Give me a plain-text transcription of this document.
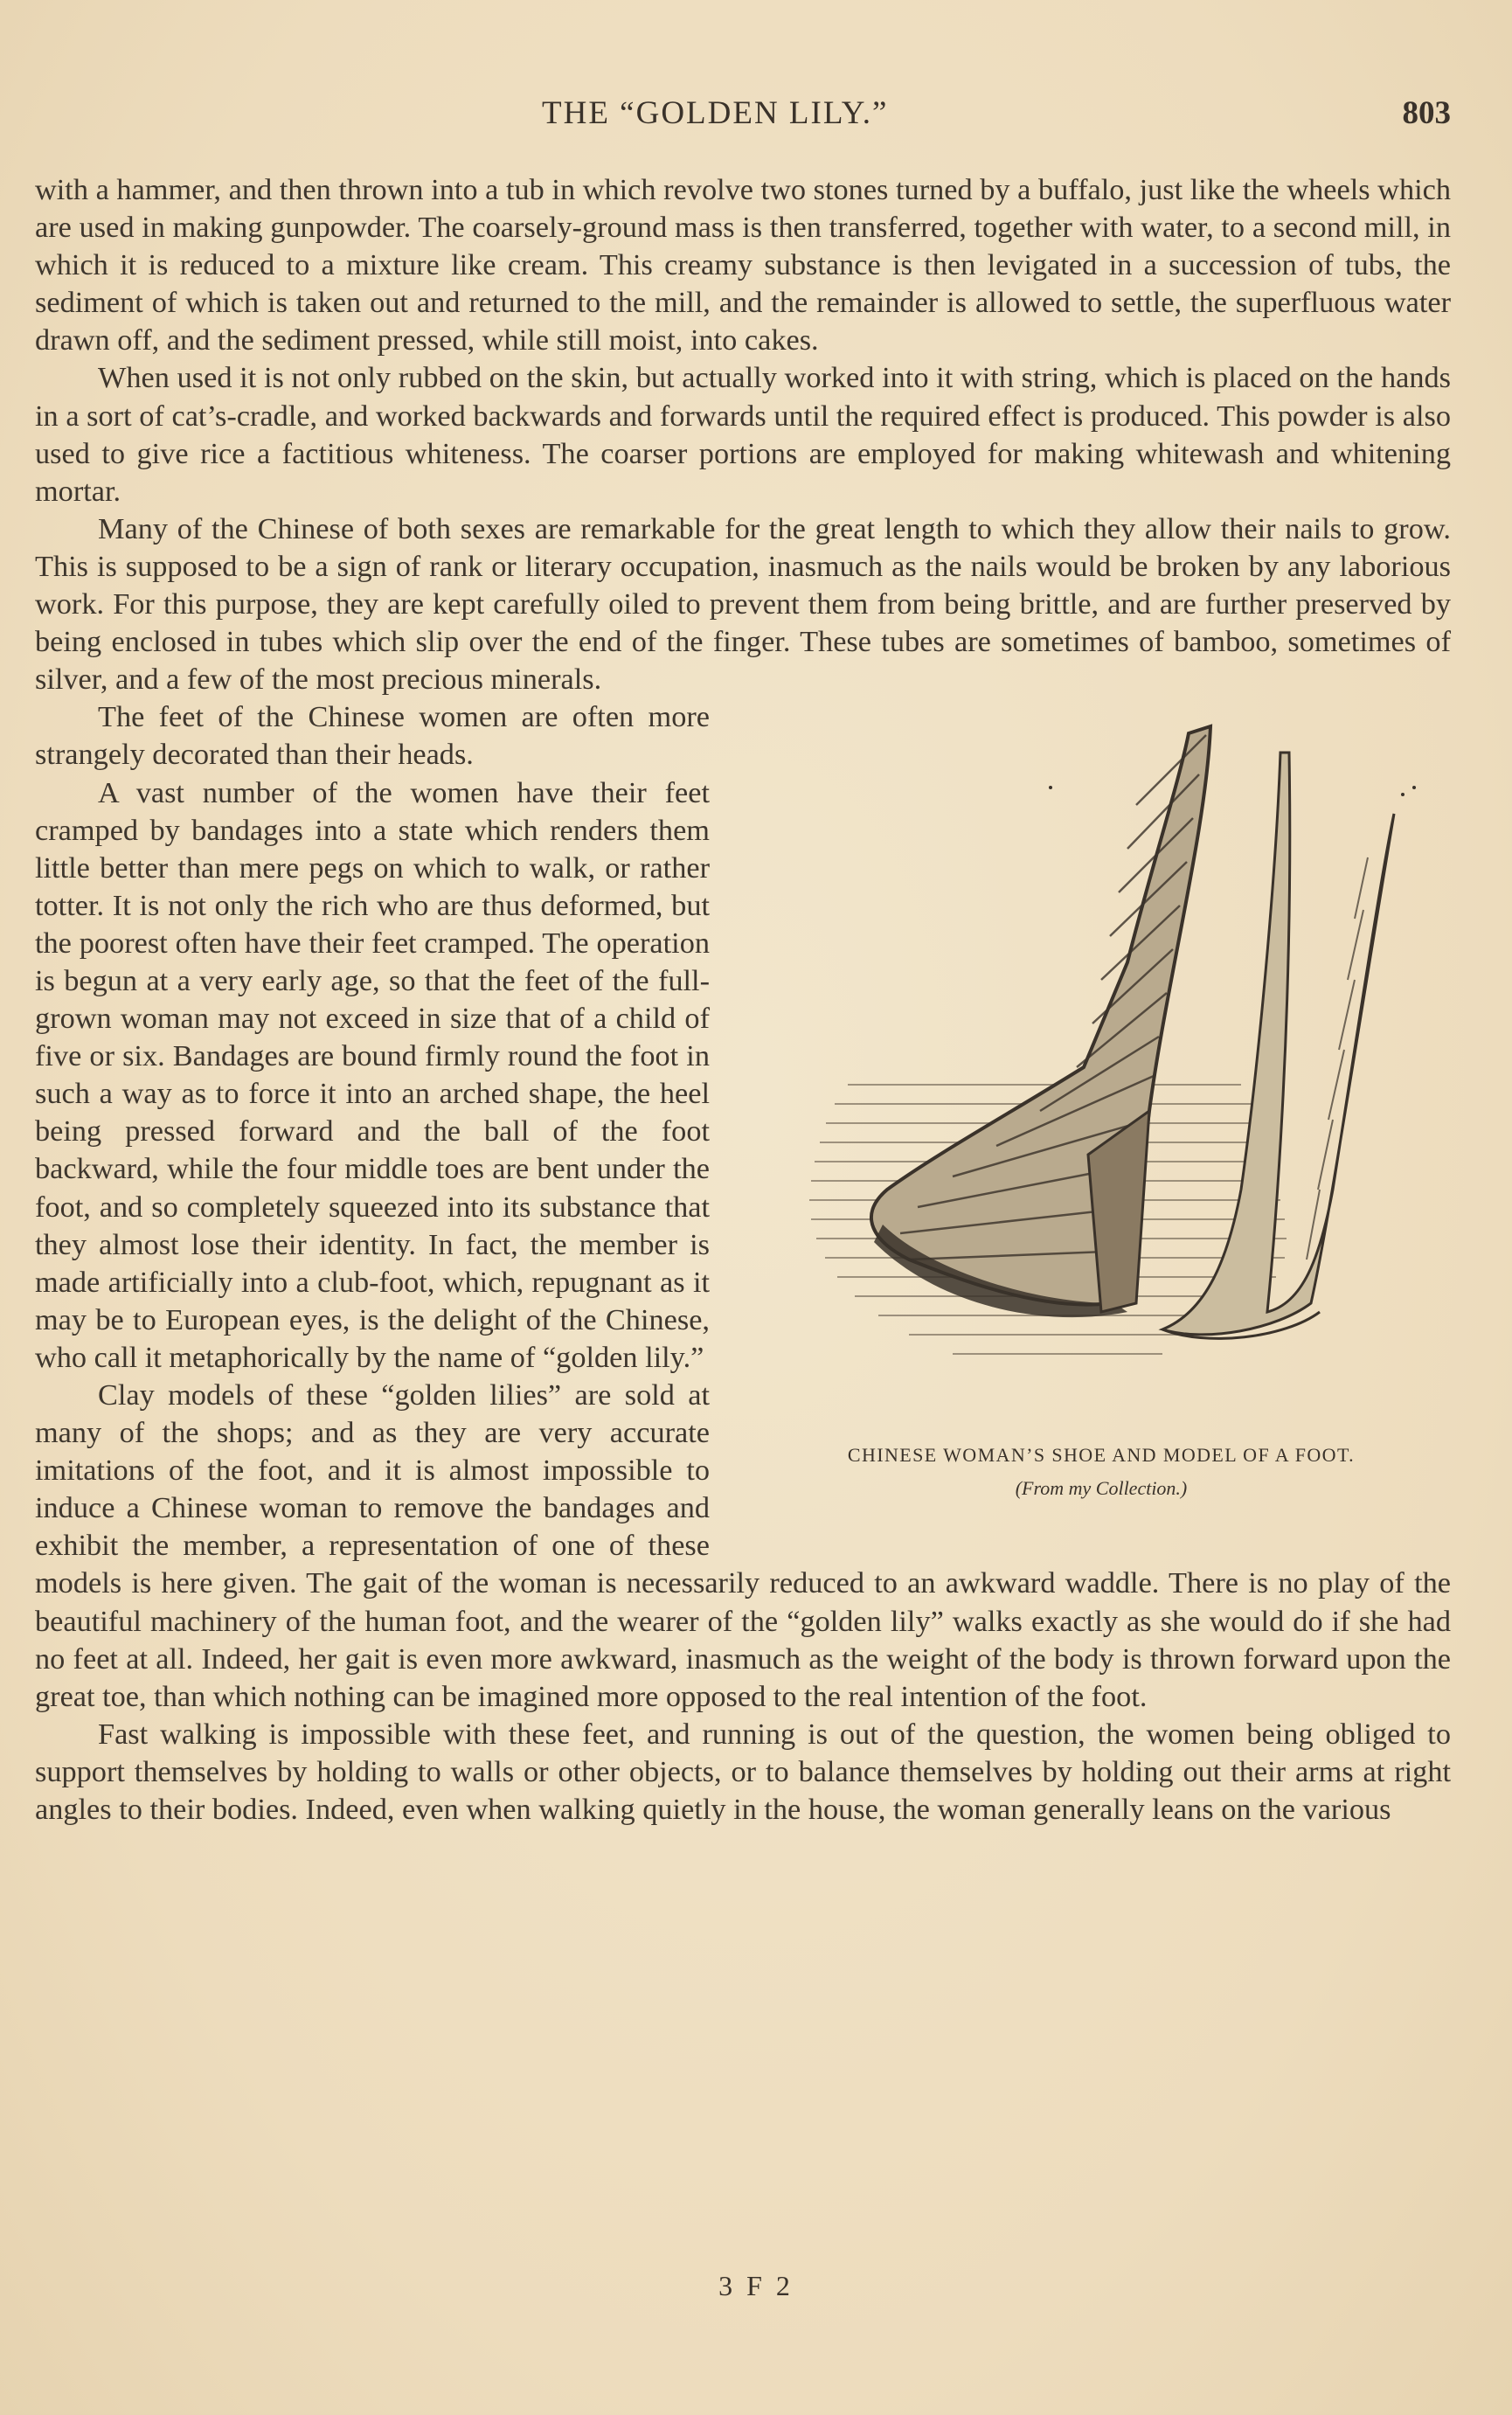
THE “GOLDEN LILY.”	803

with a hammer, and then thrown into a tub in which revolve two stones turned by a buffalo, just like the wheels which are used in making gunpowder. The coarsely-ground mass is then transferred, together with water, to a second mill, in which it is reduced to a mixture like cream. This creamy substance is then levigated in a succession of tubs, the sediment of which is taken out and returned to the mill, and the remainder is allowed to settle, the superfluous water drawn off, and the sediment pressed, while still moist, into cakes.

When used it is not only rubbed on the skin, but actually worked into it with string, which is placed on the hands in a sort of cat’s-cradle, and worked backwards and forwards until the required effect is produced. This powder is also used to give rice a factitious whiteness. The coarser portions are employed for making whitewash and whitening mortar.

Many of the Chinese of both sexes are remarkable for the great length to which they allow their nails to grow. This is supposed to be a sign of rank or literary occupation, inasmuch as the nails would be broken by any laborious work. For this purpose, they are kept carefully oiled to prevent them from being brittle, and are further preserved by being enclosed in tubes which slip over the end of the finger. These tubes are sometimes of bamboo, sometimes of silver, and a few of the most precious minerals.

CHINESE WOMAN’S SHOE AND MODEL OF A FOOT.
(From my Collection.)

The feet of the Chinese women are often more strangely decorated than their heads.

A vast number of the women have their feet cramped by bandages into a state which renders them little better than mere pegs on which to walk, or rather totter. It is not only the rich who are thus deformed, but the poorest often have their feet cramped. The operation is begun at a very early age, so that the feet of the full-grown woman may not exceed in size that of a child of five or six. Bandages are bound firmly round the foot in such a way as to force it into an arched shape, the heel being pressed forward and the ball of the foot backward, while the four middle toes are bent under the foot, and so completely squeezed into its substance that they almost lose their identity. In fact, the member is made artificially into a club-foot, which, repugnant as it may be to European eyes, is the delight of the Chinese, who call it metaphorically by the name of “golden lily.”

Clay models of these “golden lilies” are sold at many of the shops; and as they are very accurate imitations of the foot, and it is almost impossible to induce a Chinese woman to remove the bandages and exhibit the member, a representation of one of these models is here given. The gait of the woman is necessarily reduced to an awkward waddle. There is no play of the beautiful machinery of the human foot, and the wearer of the “golden lily” walks exactly as she would do if she had no feet at all. Indeed, her gait is even more awkward, inasmuch as the weight of the body is thrown forward upon the great toe, than which nothing can be imagined more opposed to the real intention of the foot.

Fast walking is impossible with these feet, and running is out of the question, the women being obliged to support themselves by holding to walls or other objects, or to balance themselves by holding out their arms at right angles to their bodies. Indeed, even when walking quietly in the house, the woman generally leans on the various

3 F 2
